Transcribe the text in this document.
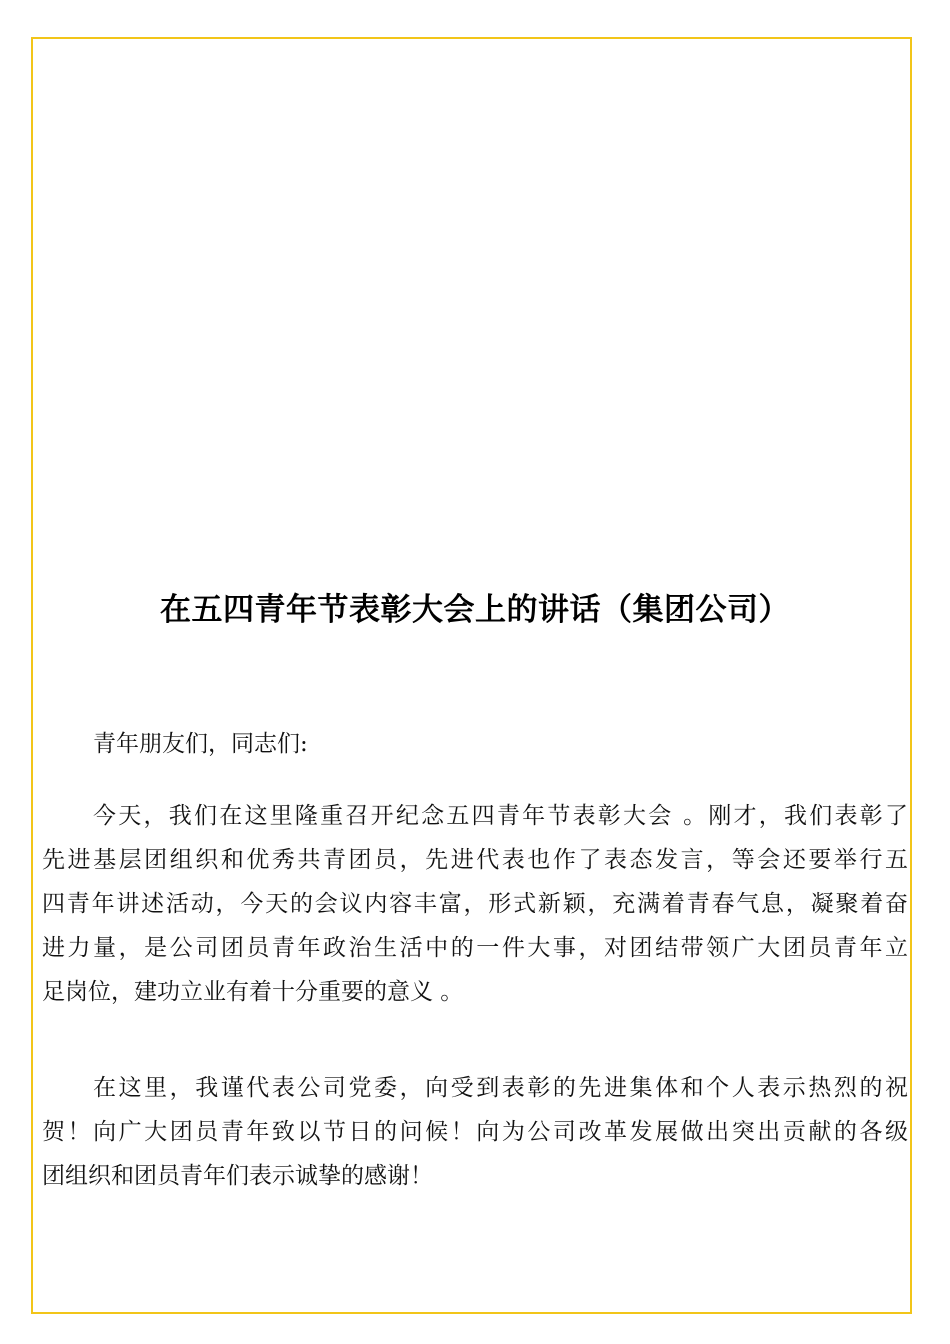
在五四青年节表彰大会上的讲话（集团公司）
青年朋友们，同志们:
今天，我们在这里隆重召开纪念五四青年节表彰大会 。刚才，我们表彰了
先进基层团组织和优秀共青团员，先进代表也作了表态发言，等会还要举行五
四青年讲述活动，今天的会议内容丰富，形式新颖，充满着青春气息，凝聚着奋
进力量，是公司团员青年政治生活中的一件大事，对团结带领广大团员青年立
足岗位，建功立业有着十分重要的意义 。
在这里，我谨代表公司党委，向受到表彰的先进集体和个人表示热烈的祝
贺！向广大团员青年致以节日的问候！向为公司改革发展做出突出贡献的各级
团组织和团员青年们表示诚挚的感谢！
